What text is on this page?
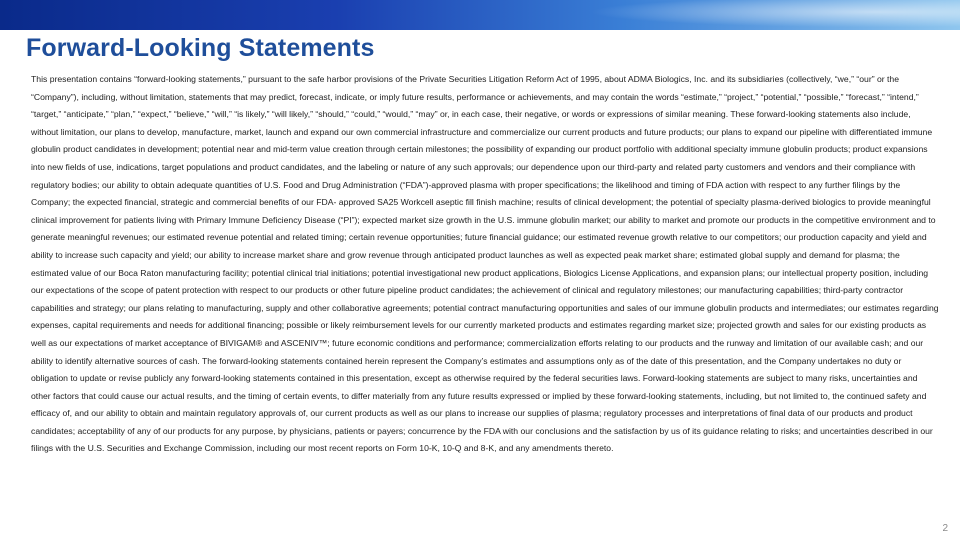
Forward-Looking Statements

This presentation contains “forward-looking statements,” pursuant to the safe harbor provisions of the Private Securities Litigation Reform Act of 1995, about ADMA Biologics, Inc. and its subsidiaries (collectively, “we,” “our” or the “Company”), including, without limitation, statements that may predict, forecast, indicate, or imply future results, performance or achievements, and may contain the words “estimate,” “project,” “potential,” “possible,” “forecast,” “intend,” “target,” “anticipate,” “plan,” “expect,” “believe,” “will,” “is likely,” “will likely,” “should,” “could,” “would,” “may” or, in each case, their negative, or words or expressions of similar meaning. These forward-looking statements also include, without limitation, our plans to develop, manufacture, market, launch and expand our own commercial infrastructure and commercialize our current products and future products; our plans to expand our pipeline with differentiated immune globulin product candidates in development; potential near and mid-term value creation through certain milestones; the possibility of expanding our product portfolio with additional specialty immune globulin products; product expansions into new fields of use, indications, target populations and product candidates, and the labeling or nature of any such approvals; our dependence upon our third-party and related party customers and vendors and their compliance with regulatory bodies; our ability to obtain adequate quantities of U.S. Food and Drug Administration (“FDA”)-approved plasma with proper specifications; the likelihood and timing of FDA action with respect to any further filings by the Company; the expected financial, strategic and commercial benefits of our FDA- approved SA25 Workcell aseptic fill finish machine; results of clinical development; the potential of specialty plasma-derived biologics to provide meaningful clinical improvement for patients living with Primary Immune Deficiency Disease (“PI”); expected market size growth in the U.S. immune globulin market; our ability to market and promote our products in the competitive environment and to generate meaningful revenues; our estimated revenue potential and related timing; certain revenue opportunities; future financial guidance; our estimated revenue growth relative to our competitors; our production capacity and yield and ability to increase such capacity and yield; our ability to increase market share and grow revenue through anticipated product launches as well as expected peak market share; estimated global supply and demand for plasma; the estimated value of our Boca Raton manufacturing facility; potential clinical trial initiations; potential investigational new product applications, Biologics License Applications, and expansion plans; our intellectual property position, including our expectations of the scope of patent protection with respect to our products or other future pipeline product candidates; the achievement of clinical and regulatory milestones; our manufacturing capabilities; third-party contractor capabilities and strategy; our plans relating to manufacturing, supply and other collaborative agreements; potential contract manufacturing opportunities and sales of our immune globulin products and intermediates; our estimates regarding expenses, capital requirements and needs for additional financing; possible or likely reimbursement levels for our currently marketed products and estimates regarding market size; projected growth and sales for our existing products as well as our expectations of market acceptance of BIVIGAM® and ASCENIV™; future economic conditions and performance; commercialization efforts relating to our products and the runway and limitation of our available cash; and our ability to identify alternative sources of cash. The forward-looking statements contained herein represent the Company’s estimates and assumptions only as of the date of this presentation, and the Company undertakes no duty or obligation to update or revise publicly any forward-looking statements contained in this presentation, except as otherwise required by the federal securities laws. Forward-looking statements are subject to many risks, uncertainties and other factors that could cause our actual results, and the timing of certain events, to differ materially from any future results expressed or implied by these forward-looking statements, including, but not limited to, the continued safety and efficacy of, and our ability to obtain and maintain regulatory approvals of, our current products as well as our plans to increase our supplies of plasma; regulatory processes and interpretations of final data of our products and product candidates; acceptability of any of our products for any purpose, by physicians, patients or payers; concurrence by the FDA with our conclusions and the satisfaction by us of its guidance relating to risks; and uncertainties described in our filings with the U.S. Securities and Exchange Commission, including our most recent reports on Form 10-K, 10-Q and 8-K, and any amendments thereto.

2
